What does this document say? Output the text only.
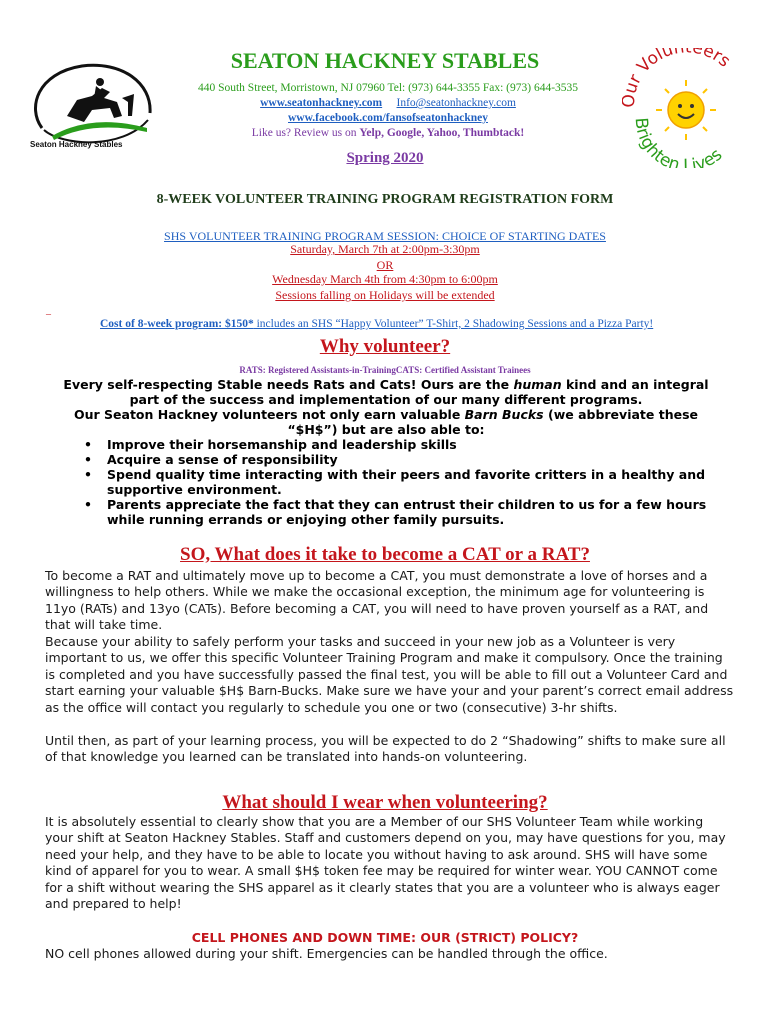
Seaton Hackney Stables
ur Volun eers
Brighten Lives
SEATON HACKNEY STABLES
440 South Street, Morristown, NJ 07960 Tel: (973) 644-3355 Fax: (973) 644-3535
www.seatonhackney.com Info@seatonhackney.com
www.facebook.com/fansofseatonhackney
Like us? Review us on Yelp, Google, Yahoo, Thumbtack!
Spring 2020
8-WEEK VOLUNTEER TRAINING PROGRAM REGISTRATION FORM
SHS VOLUNTEER TRAINING PROGRAM SESSION: CHOICE OF STARTING DATES
Saturday, March 7th at 2:00pm-3:30pm
OR
Wednesday March 4th from 4:30pm to 6:00pm
Sessions falling on Holidays will be extended
_
Cost of 8-week program: $150* includes an SHS “Happy Volunteer” T-Shirt, 2 Shadowing Sessions and a Pizza Party!
Why volunteer?
RATS: Registered Assistants-in-TrainingCATS: Certified Assistant Trainees
Every self-respecting Stable needs Rats and Cats! Ours are the human kind and an integral part of the success and implementation of our many different programs.
Our Seaton Hackney volunteers not only earn valuable Barn Bucks (we abbreviate these “$H$”) but are also able to:
• Improve their horsemanship and leadership skills
• Acquire a sense of responsibility
• Spend quality time interacting with their peers and favorite critters in a healthy and supportive environment.
• Parents appreciate the fact that they can entrust their children to us for a few hours while running errands or enjoying other family pursuits.
SO, What does it take to become a CAT or a RAT?
To become a RAT and ultimately move up to become a CAT, you must demonstrate a love of horses and a willingness to help others. While we make the occasional exception, the minimum age for volunteering is 11yo (RATs) and 13yo (CATs). Before becoming a CAT, you will need to have proven yourself as a RAT, and that will take time.
Because your ability to safely perform your tasks and succeed in your new job as a Volunteer is very important to us, we offer this specific Volunteer Training Program and make it compulsory. Once the training is completed and you have successfully passed the final test, you will be able to fill out a Volunteer Card and start earning your valuable $H$ Barn-Bucks. Make sure we have your and your parent’s correct email address as the office will contact you regularly to schedule you one or two (consecutive) 3-hr shifts.
Until then, as part of your learning process, you will be expected to do 2 “Shadowing” shifts to make sure all of that knowledge you learned can be translated into hands-on volunteering.
What should I wear when volunteering?
It is absolutely essential to clearly show that you are a Member of our SHS Volunteer Team while working your shift at Seaton Hackney Stables. Staff and customers depend on you, may have questions for you, may need your help, and they have to be able to locate you without having to ask around. SHS will have some kind of apparel for you to wear. A small $H$ token fee may be required for winter wear. YOU CANNOT come for a shift without wearing the SHS apparel as it clearly states that you are a volunteer who is always eager and prepared to help!
CELL PHONES AND DOWN TIME: OUR (STRICT) POLICY?
NO cell phones allowed during your shift. Emergencies can be handled through the office.
